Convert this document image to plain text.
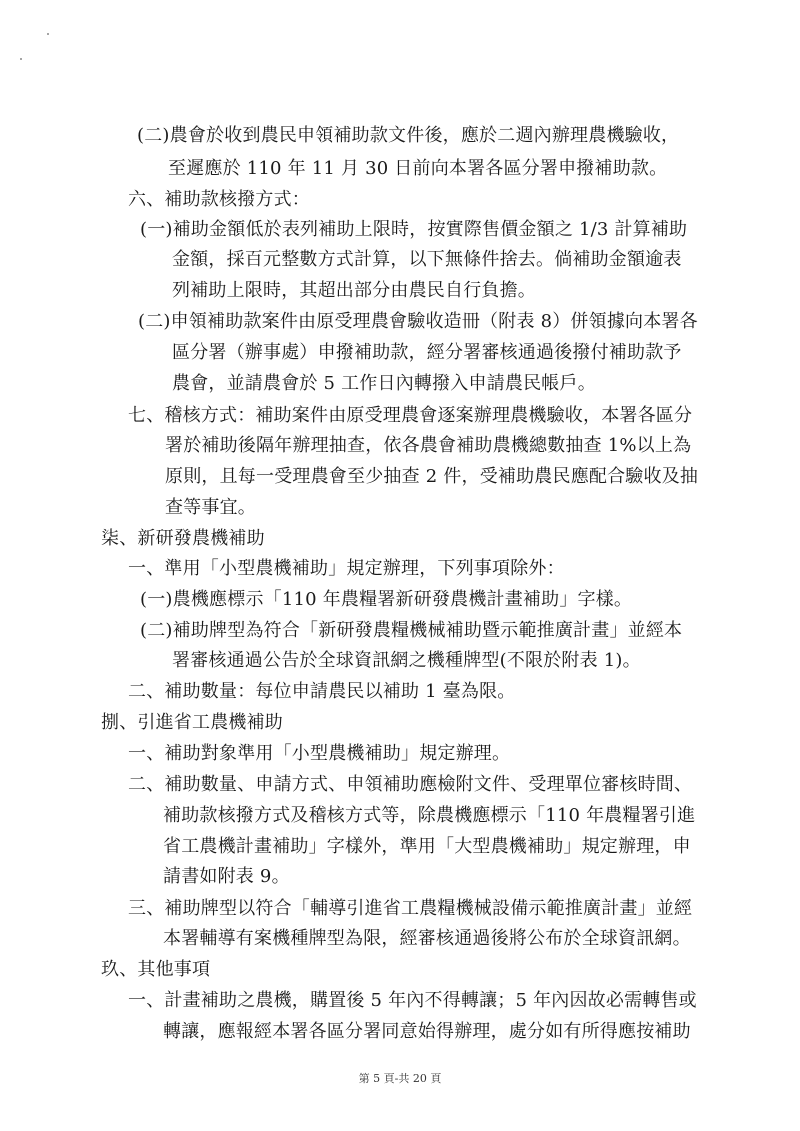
(二)農會於收到農民申領補助款文件後，應於二週內辦理農機驗收，
至遲應於 110 年 11 月 30 日前向本署各區分署申撥補助款。
六、補助款核撥方式：
(一)補助金額低於表列補助上限時，按實際售價金額之 1/3 計算補助
金額，採百元整數方式計算，以下無條件捨去。倘補助金額逾表
列補助上限時，其超出部分由農民自行負擔。
(二)申領補助款案件由原受理農會驗收造冊（附表 8）併領據向本署各
區分署（辦事處）申撥補助款，經分署審核通過後撥付補助款予
農會，並請農會於 5 工作日內轉撥入申請農民帳戶。
七、稽核方式：補助案件由原受理農會逐案辦理農機驗收，本署各區分
署於補助後隔年辦理抽查，依各農會補助農機總數抽查 1%以上為
原則，且每一受理農會至少抽查 2 件，受補助農民應配合驗收及抽
查等事宜。
柒、新研發農機補助
一、準用「小型農機補助」規定辦理，下列事項除外：
(一)農機應標示「110 年農糧署新研發農機計畫補助」字樣。
(二)補助牌型為符合「新研發農糧機械補助暨示範推廣計畫」並經本
署審核通過公告於全球資訊網之機種牌型(不限於附表 1)。
二、補助數量：每位申請農民以補助 1 臺為限。
捌、引進省工農機補助
一、補助對象準用「小型農機補助」規定辦理。
二、補助數量、申請方式、申領補助應檢附文件、受理單位審核時間、
補助款核撥方式及稽核方式等，除農機應標示「110 年農糧署引進
省工農機計畫補助」字樣外，準用「大型農機補助」規定辦理，申
請書如附表 9。
三、補助牌型以符合「輔導引進省工農糧機械設備示範推廣計畫」並經
本署輔導有案機種牌型為限，經審核通過後將公布於全球資訊網。
玖、其他事項
一、計畫補助之農機，購置後 5 年內不得轉讓；5 年內因故必需轉售或
轉讓，應報經本署各區分署同意始得辦理，處分如有所得應按補助
第 5 頁-共 20 頁
